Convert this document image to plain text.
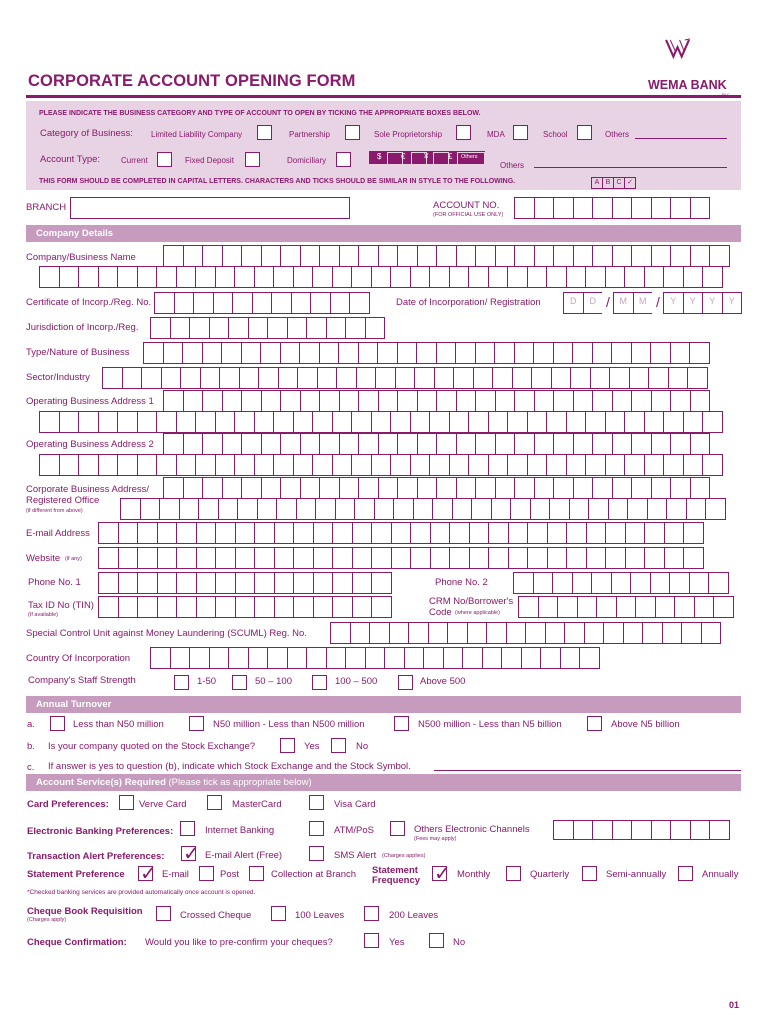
CORPORATE ACCOUNT OPENING FORM	WEMA BANK
PLEASE INDICATE THE BUSINESS CATEGORY AND TYPE OF ACCOUNT TO OPEN BY TICKING THE APPROPRIATE BOXES BELOW.
Category of Business: Limited Liability Company	Partnership	Sole Proprietorship	MDA	School	Others
Account Type:	Current	Fixed Deposit	Domiciliary	$ € ¥ £ Others
Others
THIS FORM SHOULD BE COMPLETED IN CAPITAL LETTERS. CHARACTERS AND TICKS SHOULD BE SIMILAR IN STYLE TO THE FOLLOWING.	A B C ✓
BRANCH	ACCOUNT NO.
(FOR OFFICIAL USE ONLY)
Company Details
Company/Business Name
Certificate of Incorp./Reg. No.	Date of Incorporation/ Registration	D	D /	M	M /	Y	Y	Y	Y
Jurisdiction of Incorp./Reg.
Type/Nature of Business
Sector/Industry
Operating Business Address 1
Operating Business Address 2
Corporate Business Address/
Registered Office
(if different from above)
E-mail Address
Website (if any)
Phone No. 1	Phone No. 2
Tax ID No (TIN)
(If available)
CRM No/Borrower's
Code (where applicable)
Special Control Unit against Money Laundering (SCUML) Reg. No.
Country Of Incorporation
Company's Staff Strength	1-50	50 – 100	100 – 500	Above 500
Annual Turnover
a.	Less than N50 million	N50 million - Less than N500 million	N500 million - Less than N5 billion	Above N5 billion
b. Is your company quoted on the Stock Exchange?	Yes	No
c. If answer is yes to question (b), indicate which Stock Exchange and the Stock Symbol.
Account Service(s) Required (Please tick as appropriate below)
Card Preferences:	Verve Card	MasterCard	Visa Card
Electronic Banking Preferences:	Internet Banking	ATM/PoS	Others Electronic Channels
(Fees may apply)
Transaction Alert Preferences: ✓	E-mail Alert (Free)	SMS Alert (Charges applies)
Statement Preference ✓	E-mail	Post	Collection at Branch Statement
Frequency
✓
Monthly	Quarterly	Semi-annually	Annually
*Checked banking services are provided automatically once account is opened.
Cheque Book Requisition
(Charges apply)	Crossed Cheque	100 Leaves	200 Leaves
Cheque Confirmation: Would you like to pre-confirm your cheques?	Yes	No
01
